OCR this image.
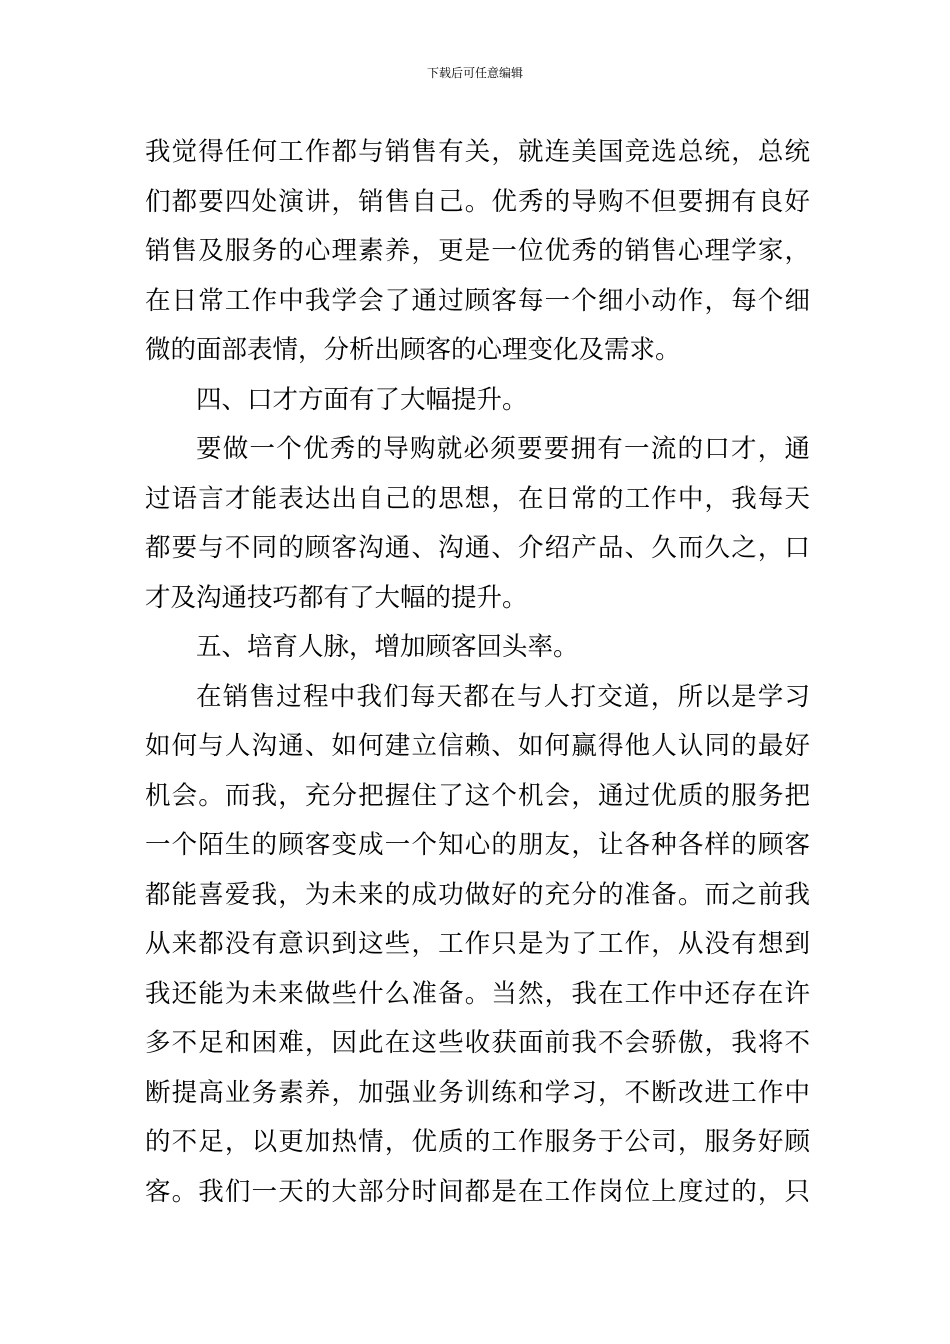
下载后可任意编辑
我觉得任何工作都与销售有关，就连美国竞选总统，总统
们都要四处演讲，销售自己。优秀的导购不但要拥有良好
销售及服务的心理素养，更是一位优秀的销售心理学家，
在日常工作中我学会了通过顾客每一个细小动作，每个细
微的面部表情，分析出顾客的心理变化及需求。
四、口才方面有了大幅提升。
要做一个优秀的导购就必须要要拥有一流的口才，通
过语言才能表达出自己的思想，在日常的工作中，我每天
都要与不同的顾客沟通、沟通、介绍产品、久而久之，口
才及沟通技巧都有了大幅的提升。
五、培育人脉，增加顾客回头率。
在销售过程中我们每天都在与人打交道，所以是学习
如何与人沟通、如何建立信赖、如何赢得他人认同的最好
机会。而我，充分把握住了这个机会，通过优质的服务把
一个陌生的顾客变成一个知心的朋友，让各种各样的顾客
都能喜爱我，为未来的成功做好的充分的准备。而之前我
从来都没有意识到这些，工作只是为了工作，从没有想到
我还能为未来做些什么准备。当然，我在工作中还存在许
多不足和困难，因此在这些收获面前我不会骄傲，我将不
断提高业务素养，加强业务训练和学习，不断改进工作中
的不足，以更加热情，优质的工作服务于公司，服务好顾
客。我们一天的大部分时间都是在工作岗位上度过的，只
